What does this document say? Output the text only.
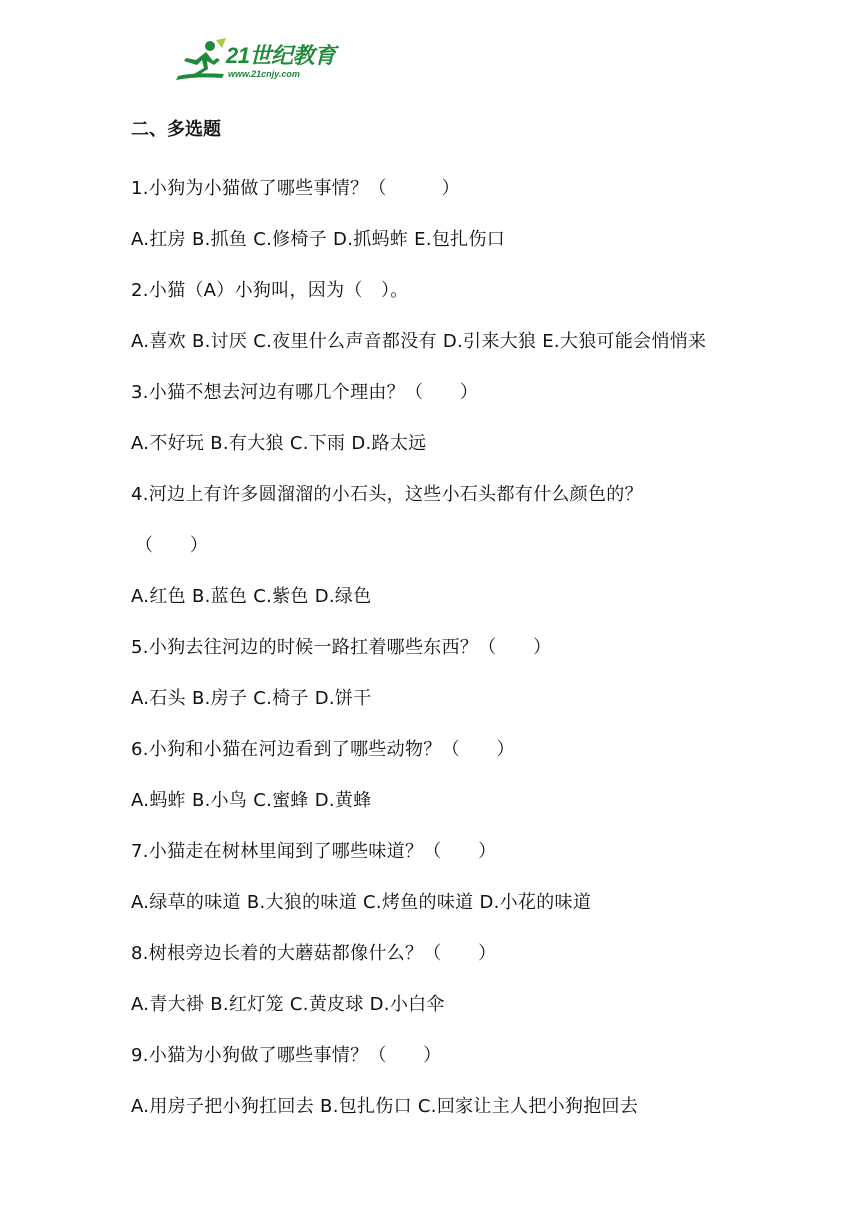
21世纪教育
www.21cnjy.com
二、多选题
1.小狗为小猫做了哪些事情？（　　　）
A.扛房 B.抓鱼 C.修椅子 D.抓蚂蚱 E.包扎伤口
2.小猫（A）小狗叫，因为（　）。
A.喜欢 B.讨厌 C.夜里什么声音都没有 D.引来大狼 E.大狼可能会悄悄来
3.小猫不想去河边有哪几个理由？（　　）
A.不好玩 B.有大狼 C.下雨 D.路太远
4.河边上有许多圆溜溜的小石头，这些小石头都有什么颜色的？
（　　）
A.红色 B.蓝色 C.紫色 D.绿色
5.小狗去往河边的时候一路扛着哪些东西？（　　）
A.石头 B.房子 C.椅子 D.饼干
6.小狗和小猫在河边看到了哪些动物？（　　）
A.蚂蚱 B.小鸟 C.蜜蜂 D.黄蜂
7.小猫走在树林里闻到了哪些味道？（　　）
A.绿草的味道 B.大狼的味道 C.烤鱼的味道 D.小花的味道
8.树根旁边长着的大蘑菇都像什么？（　　）
A.青大褂 B.红灯笼 C.黄皮球 D.小白伞
9.小猫为小狗做了哪些事情？（　　）
A.用房子把小狗扛回去 B.包扎伤口 C.回家让主人把小狗抱回去
